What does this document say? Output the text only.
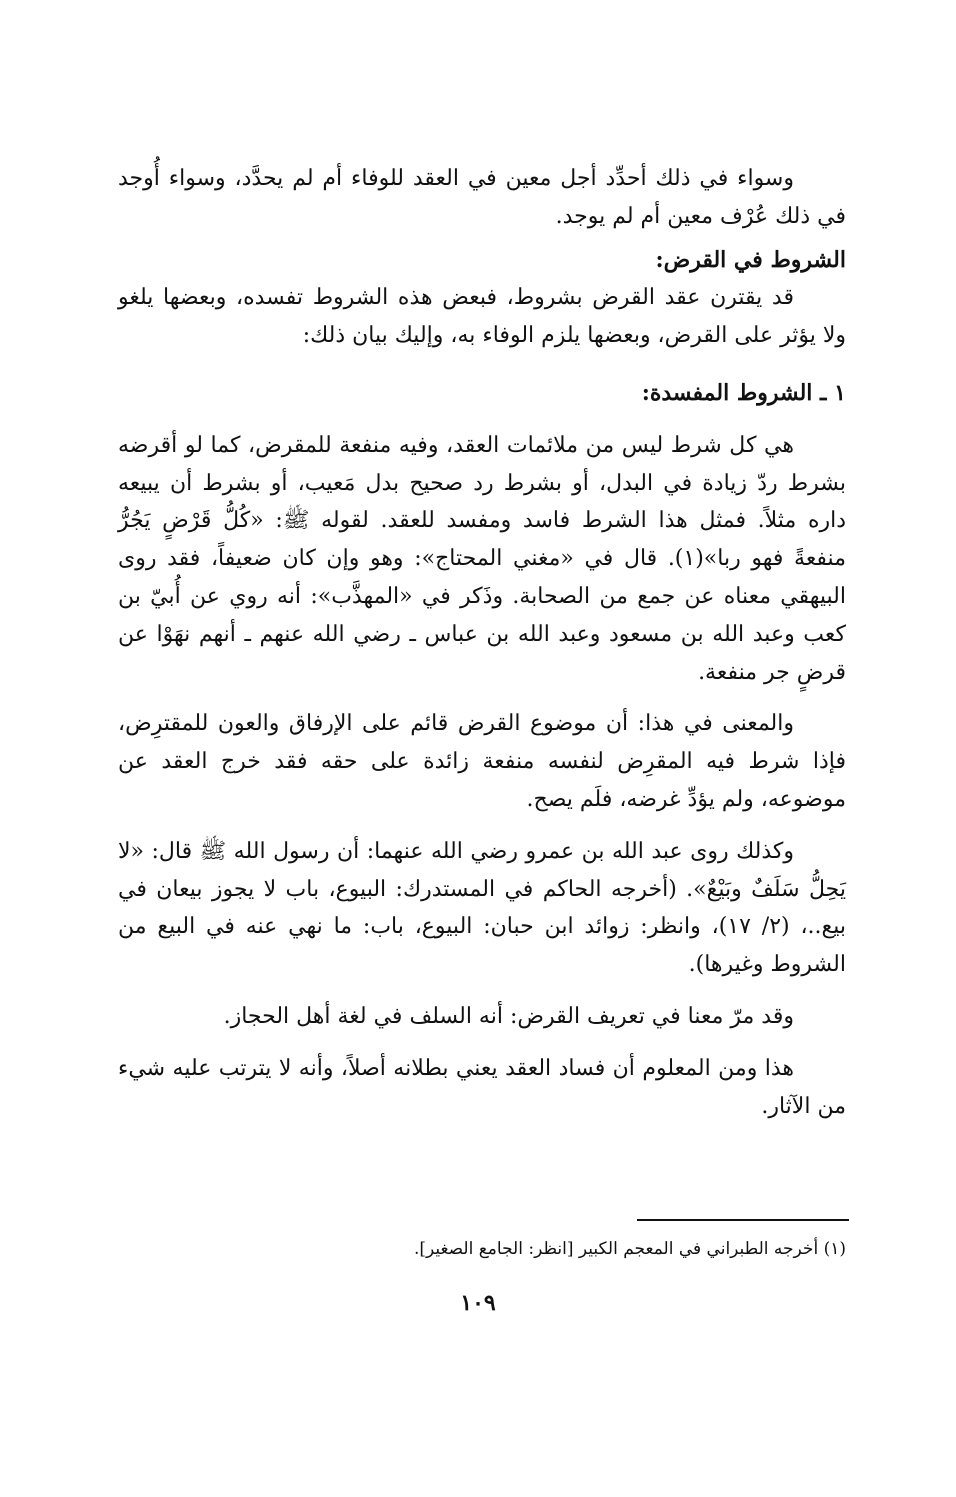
وسواء في ذلك أحدِّد أجل معين في العقد للوفاء أم لم يحدَّد، وسواء أُوجد في ذلك عُرْف معين أم لم يوجد.

الشروط في القرض:

قد يقترن عقد القرض بشروط، فبعض هذه الشروط تفسده، وبعضها يلغو ولا يؤثر على القرض، وبعضها يلزم الوفاء به، وإليك بيان ذلك:

١ ـ الشروط المفسدة:

هي كل شرط ليس من ملائمات العقد، وفيه منفعة للمقرض، كما لو أقرضه بشرط ردّ زيادة في البدل، أو بشرط رد صحيح بدل مَعيب، أو بشرط أن يبيعه داره مثلاً. فمثل هذا الشرط فاسد ومفسد للعقد. لقوله ﷺ: «كُلُّ قَرْضٍ يَجُرُّ منفعةً فهو ربا»(١). قال في «مغني المحتاج»: وهو وإن كان ضعيفاً، فقد روى البيهقي معناه عن جمع من الصحابة. وذَكر في «المهذَّب»: أنه روي عن أُبيّ بن كعب وعبد الله بن مسعود وعبد الله بن عباس ـ رضي الله عنهم ـ أنهم نهَوْا عن قرضٍ جر منفعة.

والمعنى في هذا: أن موضوع القرض قائم على الإرفاق والعون للمقترِض، فإذا شرط فيه المقرِض لنفسه منفعة زائدة على حقه فقد خرج العقد عن موضوعه، ولم يؤدِّ غرضه، فلَم يصح.

وكذلك روى عبد الله بن عمرو رضي الله عنهما: أن رسول الله ﷺ قال: «لا يَحِلُّ سَلَفٌ وبَيْعٌ». (أخرجه الحاكم في المستدرك: البيوع، باب لا يجوز بيعان في بيع..، (٢/ ١٧)، وانظر: زوائد ابن حبان: البيوع، باب: ما نهي عنه في البيع من الشروط وغيرها).

وقد مرّ معنا في تعريف القرض: أنه السلف في لغة أهل الحجاز.

هذا ومن المعلوم أن فساد العقد يعني بطلانه أصلاً، وأنه لا يترتب عليه شيء من الآثار.

(١) أخرجه الطبراني في المعجم الكبير [انظر: الجامع الصغير].
١٠٩
